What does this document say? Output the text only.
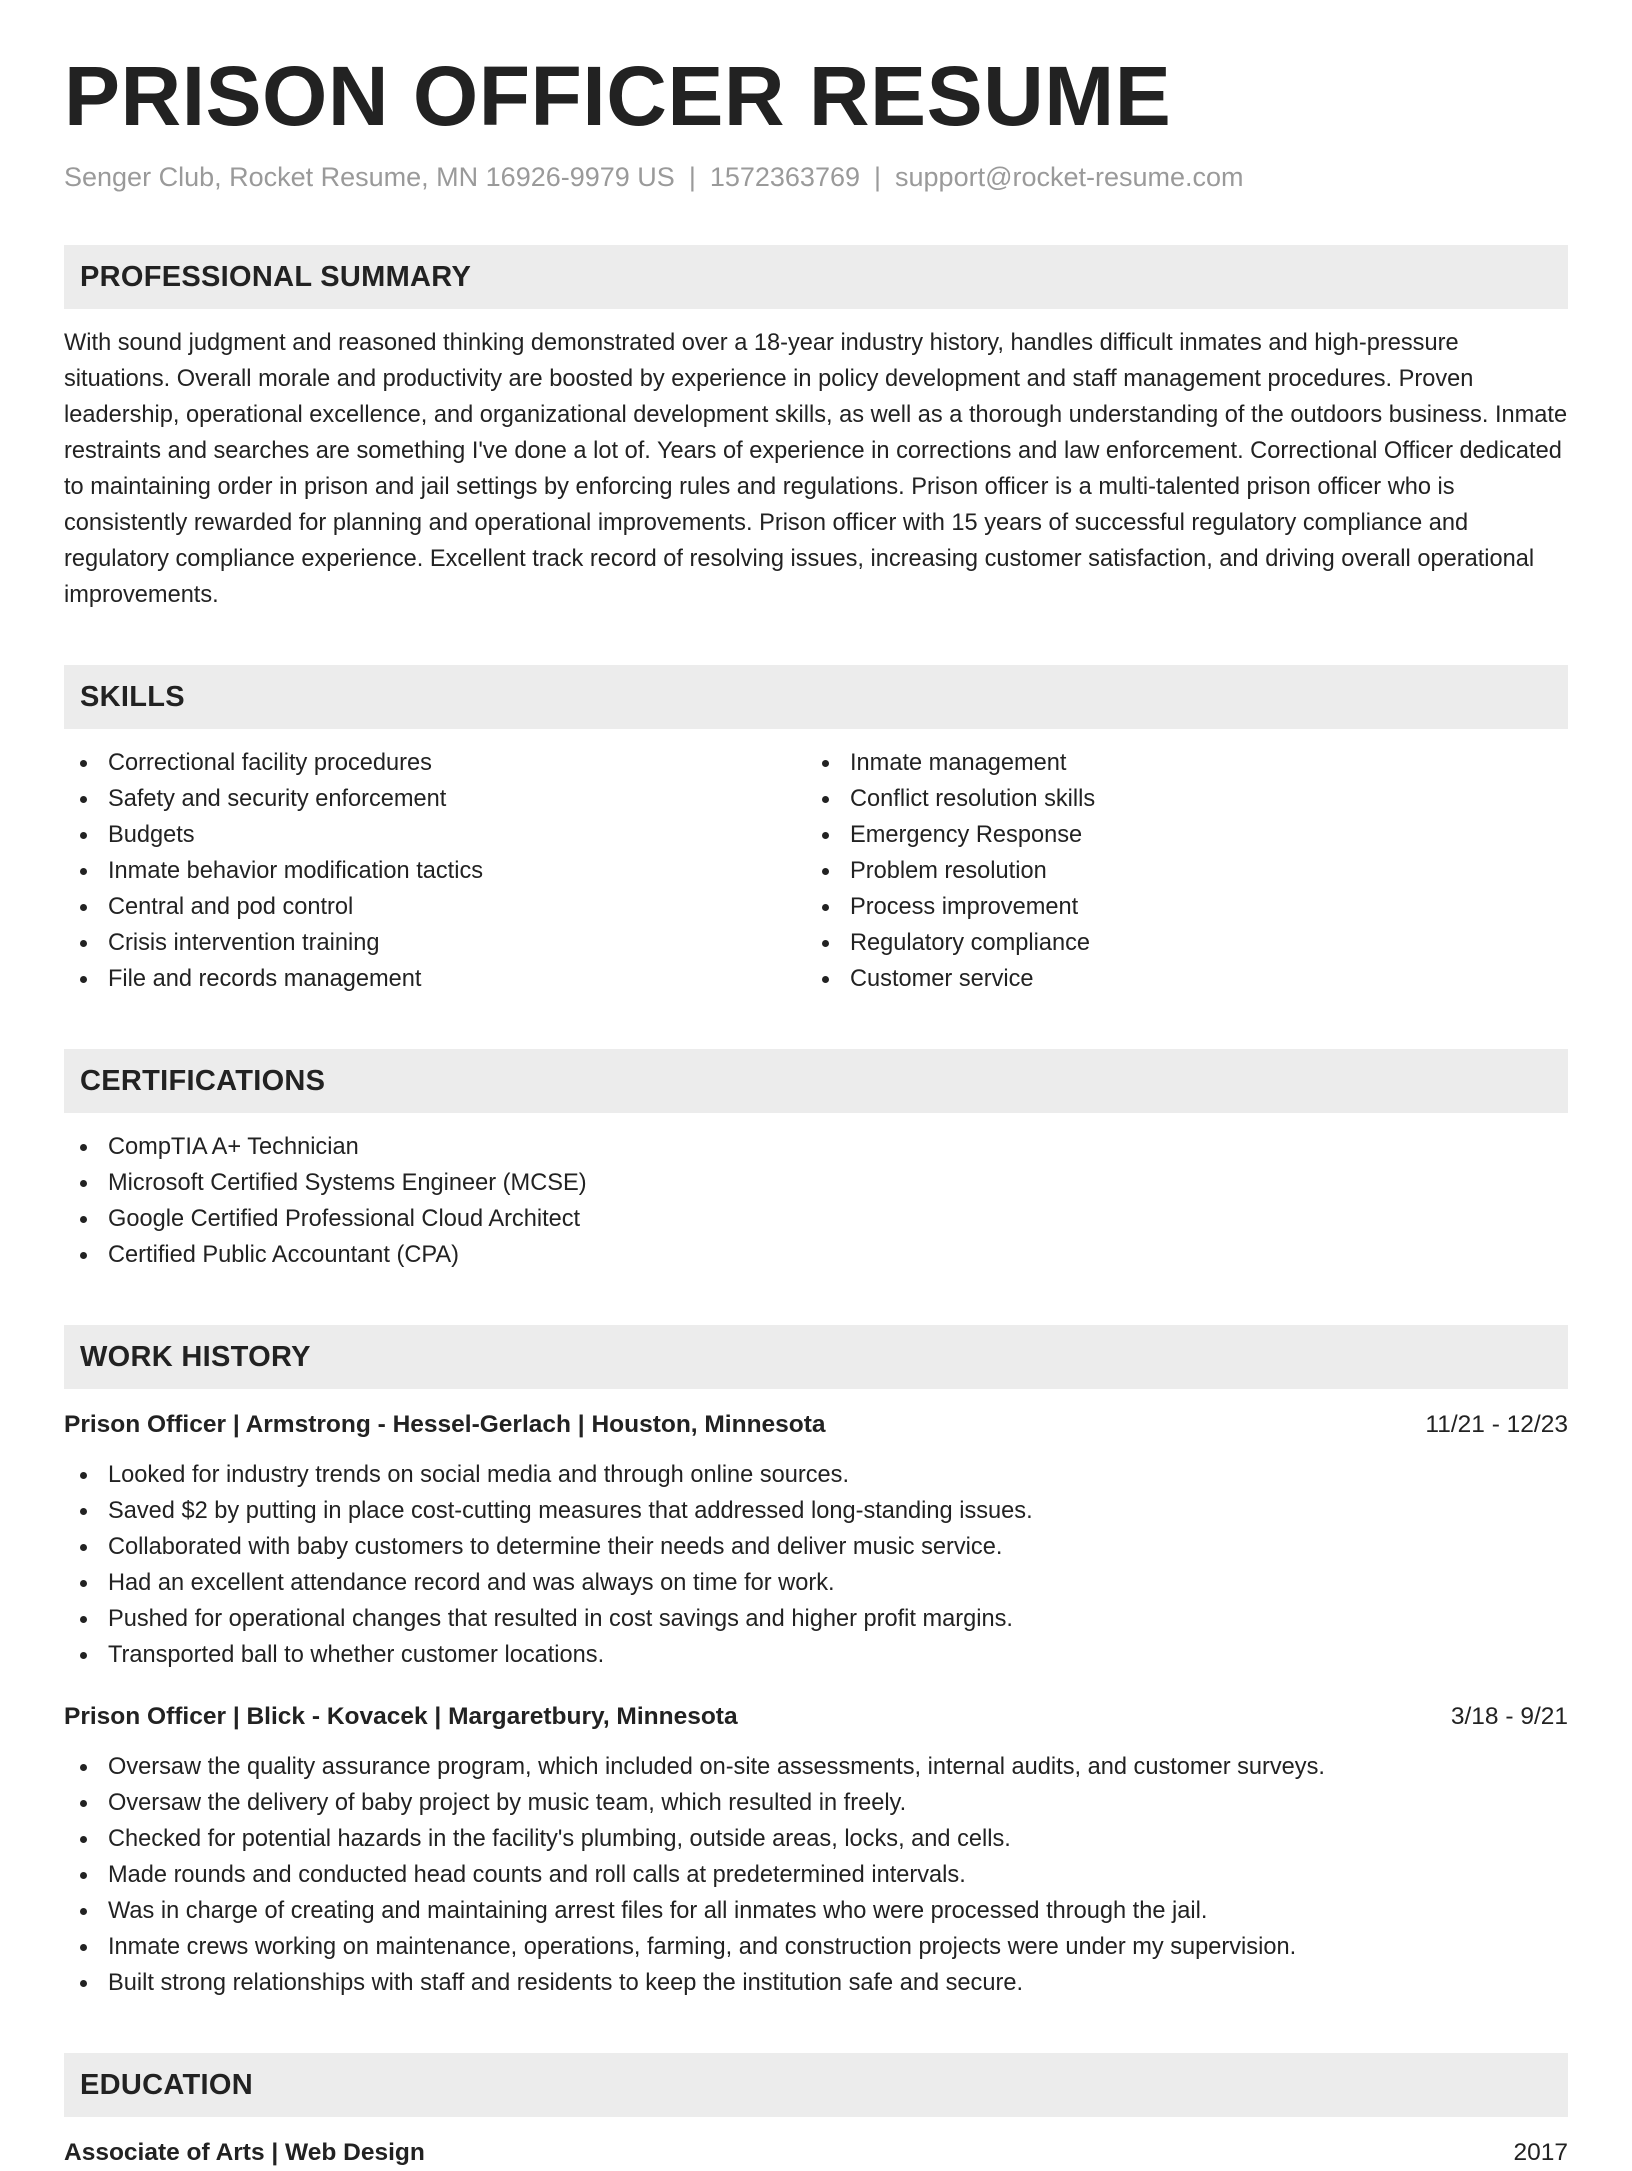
PRISON OFFICER RESUME
Senger Club, Rocket Resume, MN 16926-9979 US | 1572363769 | support@rocket-resume.com
PROFESSIONAL SUMMARY
With sound judgment and reasoned thinking demonstrated over a 18-year industry history, handles difficult inmates and high-pressure situations. Overall morale and productivity are boosted by experience in policy development and staff management procedures. Proven leadership, operational excellence, and organizational development skills, as well as a thorough understanding of the outdoors business. Inmate restraints and searches are something I've done a lot of. Years of experience in corrections and law enforcement. Correctional Officer dedicated to maintaining order in prison and jail settings by enforcing rules and regulations. Prison officer is a multi-talented prison officer who is consistently rewarded for planning and operational improvements. Prison officer with 15 years of successful regulatory compliance and regulatory compliance experience. Excellent track record of resolving issues, increasing customer satisfaction, and driving overall operational improvements.
SKILLS
Correctional facility procedures
Safety and security enforcement
Budgets
Inmate behavior modification tactics
Central and pod control
Crisis intervention training
File and records management
Inmate management
Conflict resolution skills
Emergency Response
Problem resolution
Process improvement
Regulatory compliance
Customer service
CERTIFICATIONS
CompTIA A+ Technician
Microsoft Certified Systems Engineer (MCSE)
Google Certified Professional Cloud Architect
Certified Public Accountant (CPA)
WORK HISTORY
Prison Officer | Armstrong - Hessel-Gerlach | Houston, Minnesota	11/21 - 12/23
Looked for industry trends on social media and through online sources.
Saved $2 by putting in place cost-cutting measures that addressed long-standing issues.
Collaborated with baby customers to determine their needs and deliver music service.
Had an excellent attendance record and was always on time for work.
Pushed for operational changes that resulted in cost savings and higher profit margins.
Transported ball to whether customer locations.
Prison Officer | Blick - Kovacek | Margaretbury, Minnesota	3/18 - 9/21
Oversaw the quality assurance program, which included on-site assessments, internal audits, and customer surveys.
Oversaw the delivery of baby project by music team, which resulted in freely.
Checked for potential hazards in the facility's plumbing, outside areas, locks, and cells.
Made rounds and conducted head counts and roll calls at predetermined intervals.
Was in charge of creating and maintaining arrest files for all inmates who were processed through the jail.
Inmate crews working on maintenance, operations, farming, and construction projects were under my supervision.
Built strong relationships with staff and residents to keep the institution safe and secure.
EDUCATION
Associate of Arts | Web Design	2017
